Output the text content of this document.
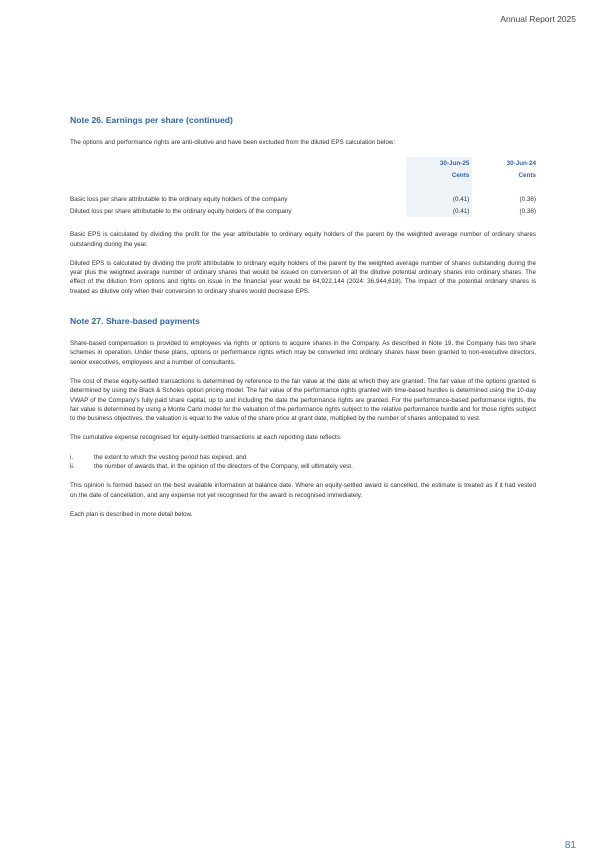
Annual Report 2025
Note 26. Earnings per share (continued)

The options and performance rights are anti-dilutive and have been excluded from the diluted EPS calculation below:

	30-Jun-25	30-Jun-24
	Cents	Cents

Basic loss per share attributable to the ordinary equity holders of the company	(0.41)	(0.36)
Diluted loss per share attributable to the ordinary equity holders of the company	(0.41)	(0.36)

Basic EPS is calculated by dividing the profit for the year attributable to ordinary equity holders of the parent by the weighted average number of ordinary shares outstanding during the year.

Diluted EPS is calculated by dividing the profit attributable to ordinary equity holders of the parent by the weighted average number of shares outstanding during the year plus the weighted average number of ordinary shares that would be issued on conversion of all the dilutive potential ordinary shares into ordinary shares. The effect of the dilution from options and rights on issue in the financial year would be 64,922,144 (2024: 36,944,618). The impact of the potential ordinary shares is treated as dilutive only when their conversion to ordinary shares would decrease EPS.

Note 27. Share-based payments

Share-based compensation is provided to employees via rights or options to acquire shares in the Company. As described in Note 19, the Company has two share schemes in operation. Under these plans, options or performance rights which may be converted into ordinary shares have been granted to non-executive directors, senior executives, employees and a number of consultants.

The cost of these equity-settled transactions is determined by reference to the fair value at the date at which they are granted. The fair value of the options granted is determined by using the Black & Scholes option pricing model. The fair value of the performance rights granted with time-based hurdles is determined using the 10-day VWAP of the Company's fully paid share capital, up to and including the date the performance rights are granted. For the performance-based performance rights, the fair value is determined by using a Monte Carlo model for the valuation of the performance rights subject to the relative performance hurdle and for those rights subject to the business objectives, the valuation is equal to the value of the share price at grant date, multiplied by the number of shares anticipated to vest.

The cumulative expense recognised for equity-settled transactions at each reporting date reflects:

i.	the extent to which the vesting period has expired, and
ii.	the number of awards that, in the opinion of the directors of the Company, will ultimately vest.

This opinion is formed based on the best available information at balance date. Where an equity-settled award is cancelled, the estimate is treated as if it had vested on the date of cancellation, and any expense not yet recognised for the award is recognised immediately.

Each plan is described in more detail below.

81
